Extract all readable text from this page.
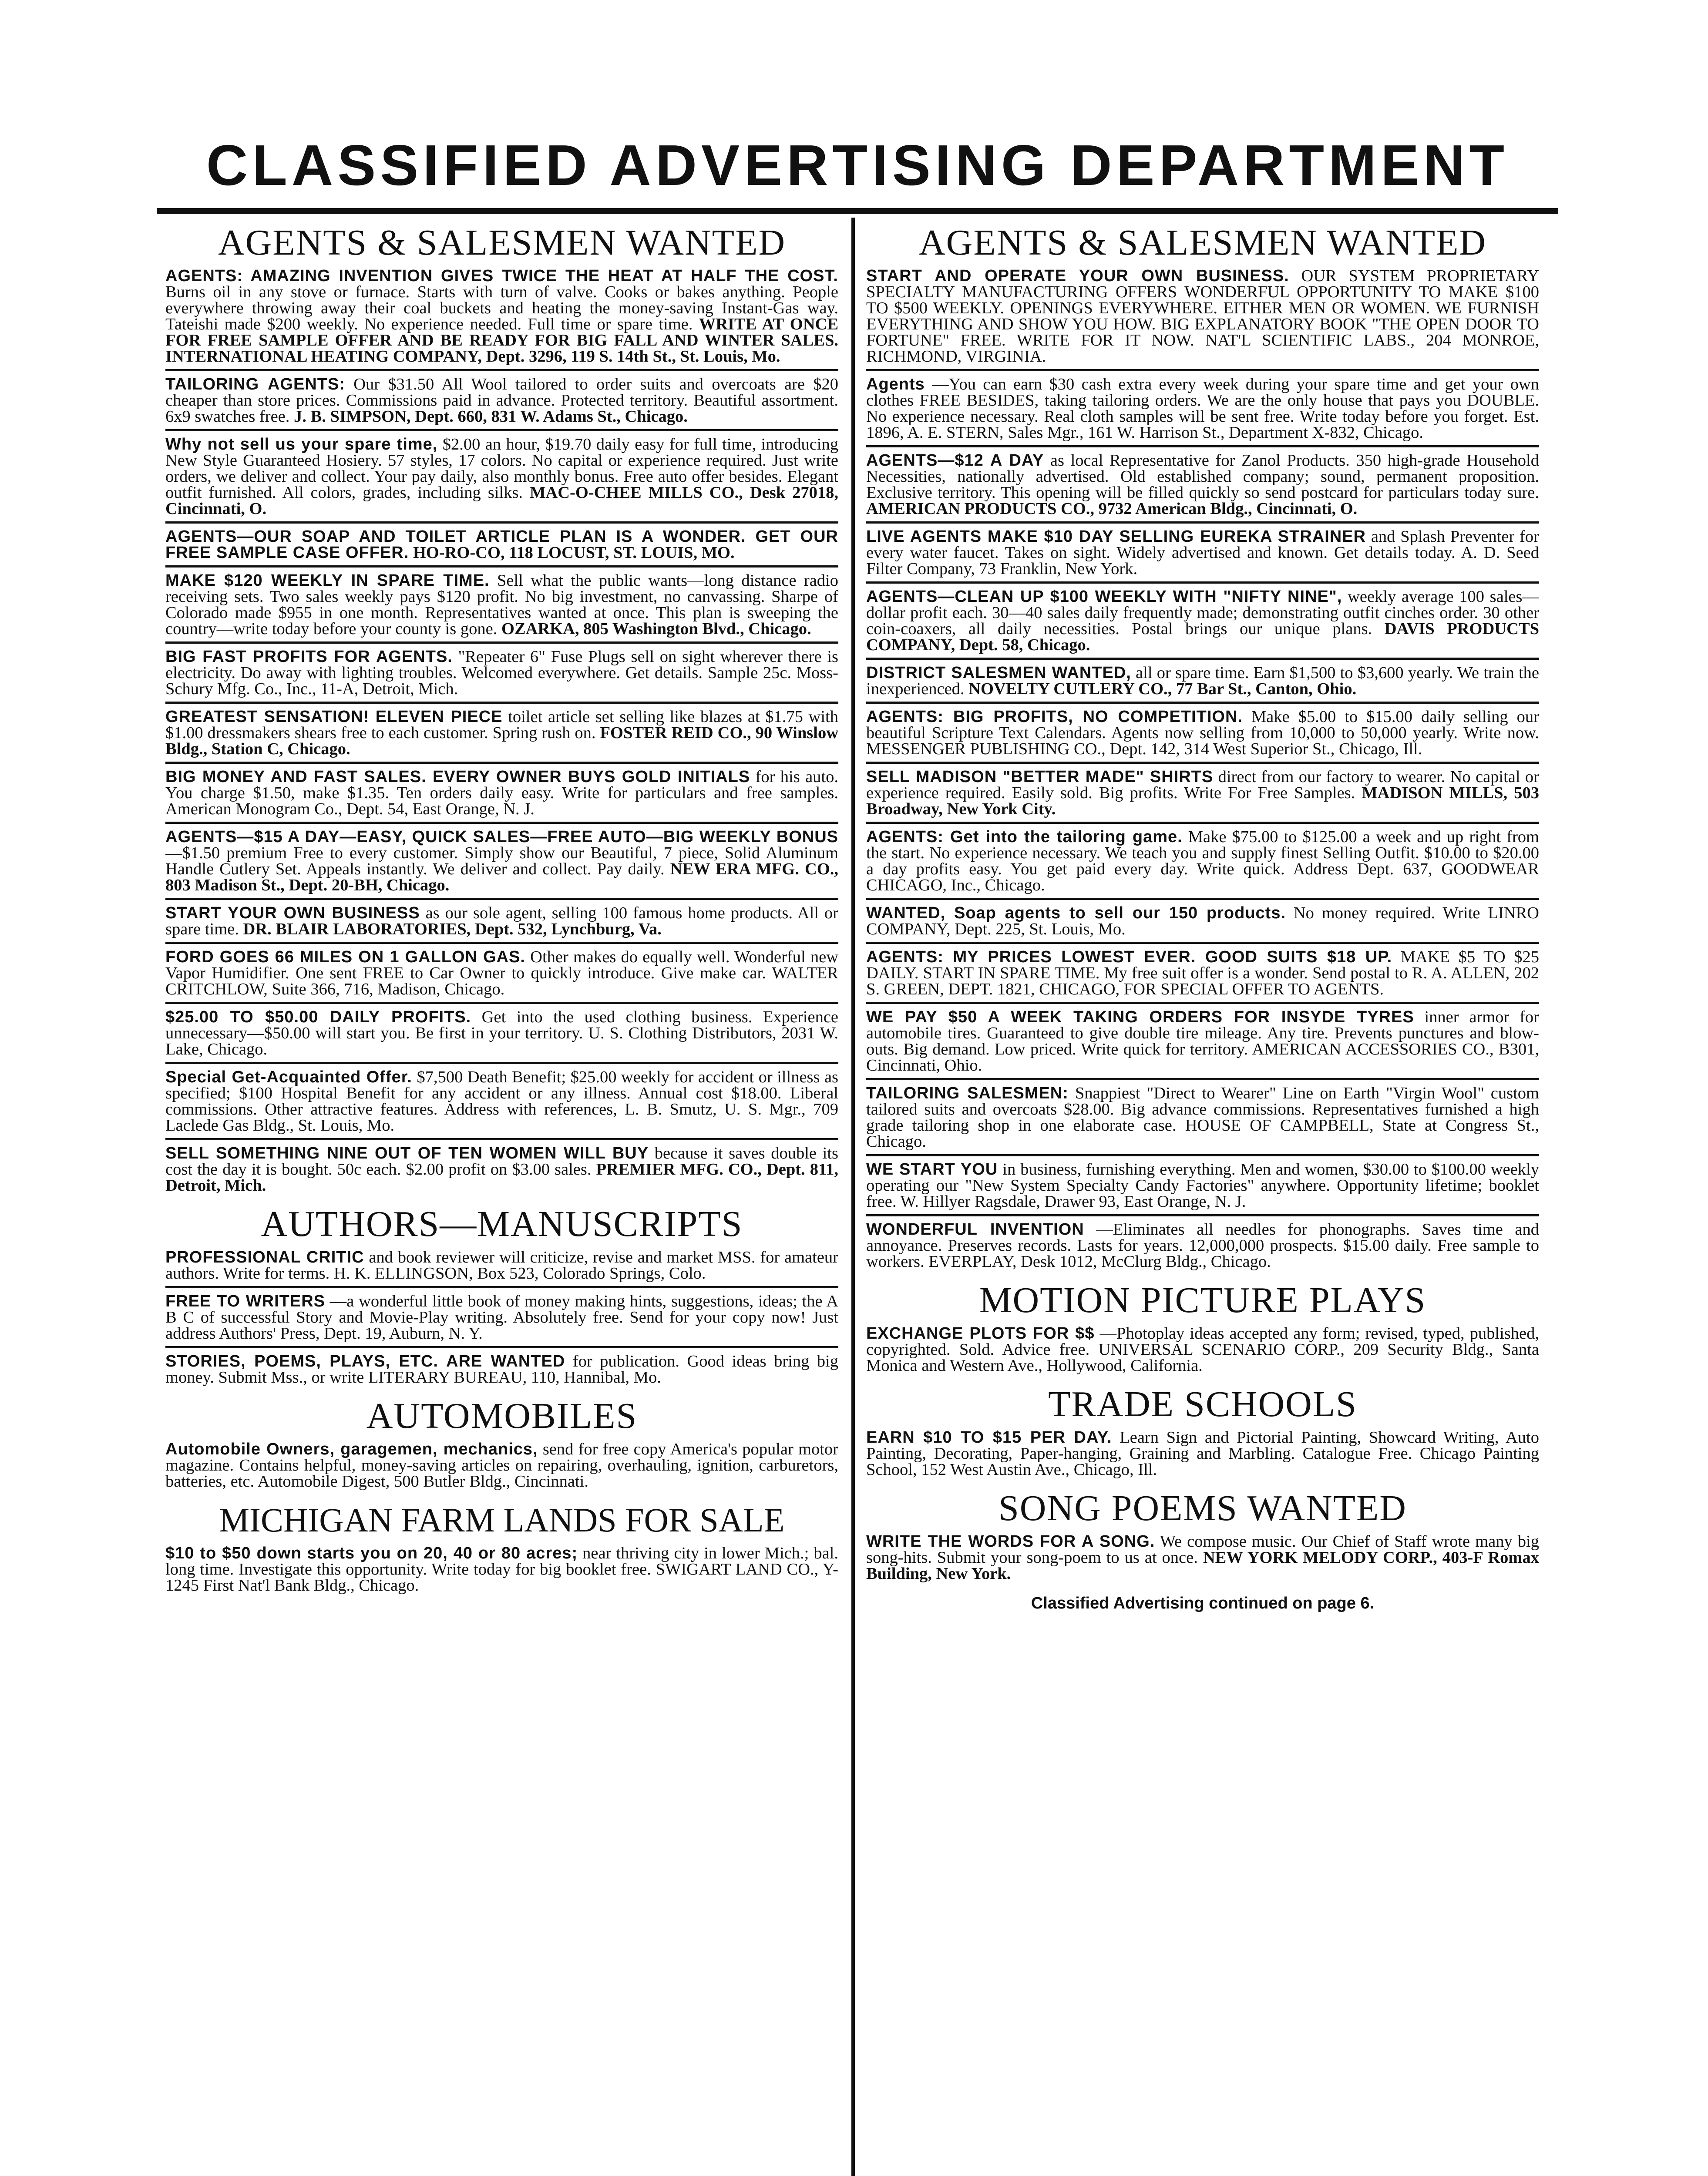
CLASSIFIED ADVERTISING DEPARTMENT
AGENTS & SALESMEN WANTED

AGENTS: AMAZING INVENTION GIVES TWICE THE HEAT AT HALF THE COST. Burns oil in any stove or furnace. Starts with turn of valve. Cooks or bakes anything. People everywhere throwing away their coal buckets and heating the money-saving Instant-Gas way. Tateishi made $200 weekly. No experience needed. Full time or spare time. WRITE AT ONCE FOR FREE SAMPLE OFFER AND BE READY FOR BIG FALL AND WINTER SALES. INTERNATIONAL HEATING COMPANY, Dept. 3296, 119 S. 14th St., St. Louis, Mo.

TAILORING AGENTS: Our $31.50 All Wool tailored to order suits and overcoats are $20 cheaper than store prices. Commissions paid in advance. Protected territory. Beautiful assortment. 6x9 swatches free. J. B. SIMPSON, Dept. 660, 831 W. Adams St., Chicago.

Why not sell us your spare time, $2.00 an hour, $19.70 daily easy for full time, introducing New Style Guaranteed Hosiery. 57 styles, 17 colors. No capital or experience required. Just write orders, we deliver and collect. Your pay daily, also monthly bonus. Free auto offer besides. Elegant outfit furnished. All colors, grades, including silks. MAC-O-CHEE MILLS CO., Desk 27018, Cincinnati, O.

AGENTS—OUR SOAP AND TOILET ARTICLE PLAN IS A WONDER. GET OUR FREE SAMPLE CASE OFFER. HO-RO-CO, 118 LOCUST, ST. LOUIS, MO.

MAKE $120 WEEKLY IN SPARE TIME. Sell what the public wants—long distance radio receiving sets. Two sales weekly pays $120 profit. No big investment, no canvassing. Sharpe of Colorado made $955 in one month. Representatives wanted at once. This plan is sweeping the country—write today before your county is gone. OZARKA, 805 Washington Blvd., Chicago.

BIG FAST PROFITS FOR AGENTS. "Repeater 6" Fuse Plugs sell on sight wherever there is electricity. Do away with lighting troubles. Welcomed everywhere. Get details. Sample 25c. Moss-Schury Mfg. Co., Inc., 11-A, Detroit, Mich.

GREATEST SENSATION! ELEVEN PIECE toilet article set selling like blazes at $1.75 with $1.00 dressmakers shears free to each customer. Spring rush on. FOSTER REID CO., 90 Winslow Bldg., Station C, Chicago.

BIG MONEY AND FAST SALES. EVERY OWNER BUYS GOLD INITIALS for his auto. You charge $1.50, make $1.35. Ten orders daily easy. Write for particulars and free samples. American Monogram Co., Dept. 54, East Orange, N. J.

AGENTS—$15 A DAY—EASY, QUICK SALES—FREE AUTO—BIG WEEKLY BONUS —$1.50 premium Free to every customer. Simply show our Beautiful, 7 piece, Solid Aluminum Handle Cutlery Set. Appeals instantly. We deliver and collect. Pay daily. NEW ERA MFG. CO., 803 Madison St., Dept. 20-BH, Chicago.

START YOUR OWN BUSINESS as our sole agent, selling 100 famous home products. All or spare time. DR. BLAIR LABORATORIES, Dept. 532, Lynchburg, Va.

FORD GOES 66 MILES ON 1 GALLON GAS. Other makes do equally well. Wonderful new Vapor Humidifier. One sent FREE to Car Owner to quickly introduce. Give make car. WALTER CRITCHLOW, Suite 366, 716, Madison, Chicago.

$25.00 TO $50.00 DAILY PROFITS. Get into the used clothing business. Experience unnecessary—$50.00 will start you. Be first in your territory. U. S. Clothing Distributors, 2031 W. Lake, Chicago.

Special Get-Acquainted Offer. $7,500 Death Benefit; $25.00 weekly for accident or illness as specified; $100 Hospital Benefit for any accident or any illness. Annual cost $18.00. Liberal commissions. Other attractive features. Address with references, L. B. Smutz, U. S. Mgr., 709 Laclede Gas Bldg., St. Louis, Mo.

SELL SOMETHING NINE OUT OF TEN WOMEN WILL BUY because it saves double its cost the day it is bought. 50c each. $2.00 profit on $3.00 sales. PREMIER MFG. CO., Dept. 811, Detroit, Mich.

AUTHORS—MANUSCRIPTS

PROFESSIONAL CRITIC and book reviewer will criticize, revise and market MSS. for amateur authors. Write for terms. H. K. ELLINGSON, Box 523, Colorado Springs, Colo.

FREE TO WRITERS —a wonderful little book of money making hints, suggestions, ideas; the A B C of successful Story and Movie-Play writing. Absolutely free. Send for your copy now! Just address Authors' Press, Dept. 19, Auburn, N. Y.

STORIES, POEMS, PLAYS, ETC. ARE WANTED for publication. Good ideas bring big money. Submit Mss., or write LITERARY BUREAU, 110, Hannibal, Mo.

AUTOMOBILES

Automobile Owners, garagemen, mechanics, send for free copy America's popular motor magazine. Contains helpful, money-saving articles on repairing, overhauling, ignition, carburetors, batteries, etc. Automobile Digest, 500 Butler Bldg., Cincinnati.

MICHIGAN FARM LANDS FOR SALE

$10 to $50 down starts you on 20, 40 or 80 acres; near thriving city in lower Mich.; bal. long time. Investigate this opportunity. Write today for big booklet free. SWIGART LAND CO., Y-1245 First Nat'l Bank Bldg., Chicago.

AGENTS & SALESMEN WANTED

START AND OPERATE YOUR OWN BUSINESS. OUR SYSTEM PROPRIETARY SPECIALTY MANUFACTURING OFFERS WONDERFUL OPPORTUNITY TO MAKE $100 TO $500 WEEKLY. OPENINGS EVERYWHERE. EITHER MEN OR WOMEN. WE FURNISH EVERYTHING AND SHOW YOU HOW. BIG EXPLANATORY BOOK "THE OPEN DOOR TO FORTUNE" FREE. WRITE FOR IT NOW. NAT'L SCIENTIFIC LABS., 204 MONROE, RICHMOND, VIRGINIA.

Agents —You can earn $30 cash extra every week during your spare time and get your own clothes FREE BESIDES, taking tailoring orders. We are the only house that pays you DOUBLE. No experience necessary. Real cloth samples will be sent free. Write today before you forget. Est. 1896, A. E. STERN, Sales Mgr., 161 W. Harrison St., Department X-832, Chicago.

AGENTS—$12 A DAY as local Representative for Zanol Products. 350 high-grade Household Necessities, nationally advertised. Old established company; sound, permanent proposition. Exclusive territory. This opening will be filled quickly so send postcard for particulars today sure. AMERICAN PRODUCTS CO., 9732 American Bldg., Cincinnati, O.

LIVE AGENTS MAKE $10 DAY SELLING EUREKA STRAINER and Splash Preventer for every water faucet. Takes on sight. Widely advertised and known. Get details today. A. D. Seed Filter Company, 73 Franklin, New York.

AGENTS—CLEAN UP $100 WEEKLY WITH "NIFTY NINE", weekly average 100 sales—dollar profit each. 30—40 sales daily frequently made; demonstrating outfit cinches order. 30 other coin-coaxers, all daily necessities. Postal brings our unique plans. DAVIS PRODUCTS COMPANY, Dept. 58, Chicago.

DISTRICT SALESMEN WANTED, all or spare time. Earn $1,500 to $3,600 yearly. We train the inexperienced. NOVELTY CUTLERY CO., 77 Bar St., Canton, Ohio.

AGENTS: BIG PROFITS, NO COMPETITION. Make $5.00 to $15.00 daily selling our beautiful Scripture Text Calendars. Agents now selling from 10,000 to 50,000 yearly. Write now. MESSENGER PUBLISHING CO., Dept. 142, 314 West Superior St., Chicago, Ill.

SELL MADISON "BETTER MADE" SHIRTS direct from our factory to wearer. No capital or experience required. Easily sold. Big profits. Write For Free Samples. MADISON MILLS, 503 Broadway, New York City.

AGENTS: Get into the tailoring game. Make $75.00 to $125.00 a week and up right from the start. No experience necessary. We teach you and supply finest Selling Outfit. $10.00 to $20.00 a day profits easy. You get paid every day. Write quick. Address Dept. 637, GOODWEAR CHICAGO, Inc., Chicago.

WANTED, Soap agents to sell our 150 products. No money required. Write LINRO COMPANY, Dept. 225, St. Louis, Mo.

AGENTS: MY PRICES LOWEST EVER. GOOD SUITS $18 UP. MAKE $5 TO $25 DAILY. START IN SPARE TIME. My free suit offer is a wonder. Send postal to R. A. ALLEN, 202 S. GREEN, DEPT. 1821, CHICAGO, FOR SPECIAL OFFER TO AGENTS.

WE PAY $50 A WEEK TAKING ORDERS FOR INSYDE TYRES inner armor for automobile tires. Guaranteed to give double tire mileage. Any tire. Prevents punctures and blow-outs. Big demand. Low priced. Write quick for territory. AMERICAN ACCESSORIES CO., B301, Cincinnati, Ohio.

TAILORING SALESMEN: Snappiest "Direct to Wearer" Line on Earth "Virgin Wool" custom tailored suits and overcoats $28.00. Big advance commissions. Representatives furnished a high grade tailoring shop in one elaborate case. HOUSE OF CAMPBELL, State at Congress St., Chicago.

WE START YOU in business, furnishing everything. Men and women, $30.00 to $100.00 weekly operating our "New System Specialty Candy Factories" anywhere. Opportunity lifetime; booklet free. W. Hillyer Ragsdale, Drawer 93, East Orange, N. J.

WONDERFUL INVENTION —Eliminates all needles for phonographs. Saves time and annoyance. Preserves records. Lasts for years. 12,000,000 prospects. $15.00 daily. Free sample to workers. EVERPLAY, Desk 1012, McClurg Bldg., Chicago.

MOTION PICTURE PLAYS

EXCHANGE PLOTS FOR $$ —Photoplay ideas accepted any form; revised, typed, published, copyrighted. Sold. Advice free. UNIVERSAL SCENARIO CORP., 209 Security Bldg., Santa Monica and Western Ave., Hollywood, California.

TRADE SCHOOLS

EARN $10 TO $15 PER DAY. Learn Sign and Pictorial Painting, Showcard Writing, Auto Painting, Decorating, Paper-hanging, Graining and Marbling. Catalogue Free. Chicago Painting School, 152 West Austin Ave., Chicago, Ill.

SONG POEMS WANTED

WRITE THE WORDS FOR A SONG. We compose music. Our Chief of Staff wrote many big song-hits. Submit your song-poem to us at once. NEW YORK MELODY CORP., 403-F Romax Building, New York.

Classified Advertising continued on page 6.
